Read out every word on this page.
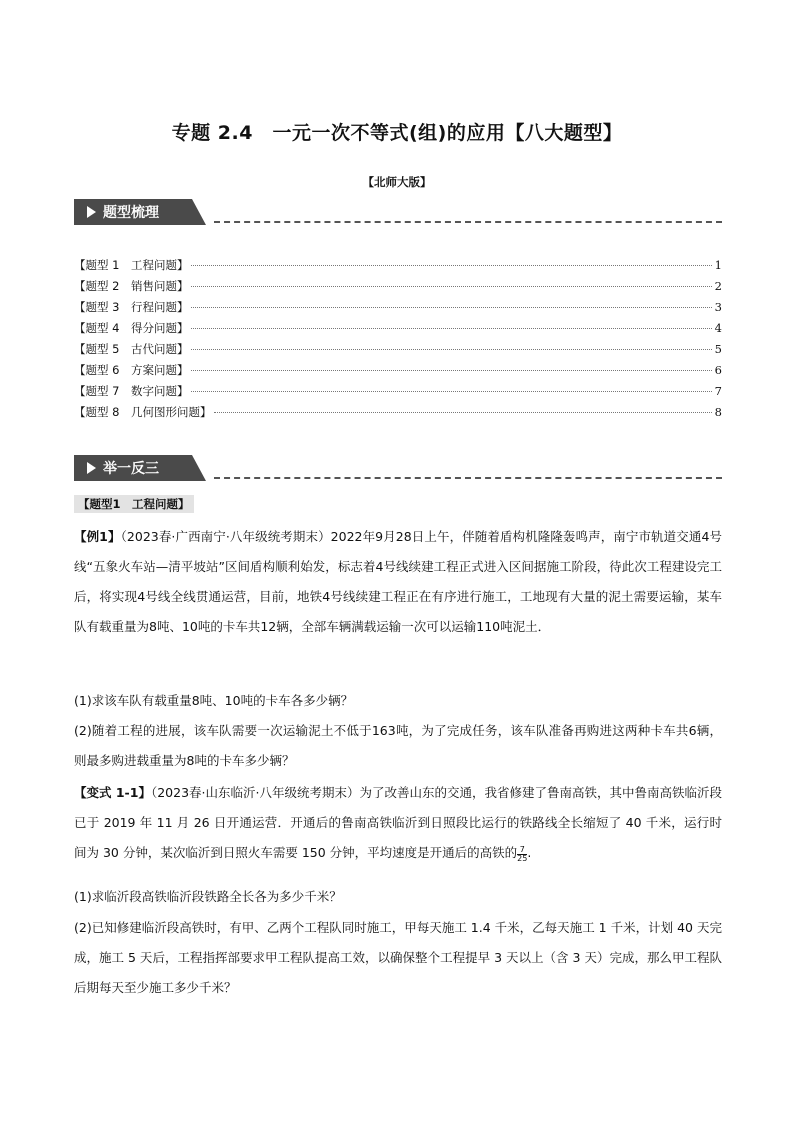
专题 2.4　一元一次不等式(组)的应用【八大题型】
【北师大版】
题型梳理
【题型 1　工程问题】	1
【题型 2　销售问题】	2
【题型 3　行程问题】	3
【题型 4　得分问题】	4
【题型 5　古代问题】	5
【题型 6　方案问题】	6
【题型 7　数字问题】	7
【题型 8　几何图形问题】	8
举一反三
【题型1　工程问题】
【例1】（2023春·广西南宁·八年级统考期末）2022年9月28日上午，伴随着盾构机隆隆轰鸣声，南宁市轨道交通4号线“五象火车站—清平坡站”区间盾构顺利始发，标志着4号线续建工程正式进入区间据施工阶段，待此次工程建设完工后，将实现4号线全线贯通运营，目前，地铁4号线续建工程正在有序进行施工，工地现有大量的泥土需要运输，某车队有载重量为8吨、10吨的卡车共12辆，全部车辆满载运输一次可以运输110吨泥土．
(1)求该车队有载重量8吨、10吨的卡车各多少辆？
(2)随着工程的进展，该车队需要一次运输泥土不低于163吨，为了完成任务，该车队准备再购进这两种卡车共6辆，则最多购进载重量为8吨的卡车多少辆？
【变式 1-1】（2023春·山东临沂·八年级统考期末）为了改善山东的交通，我省修建了鲁南高铁，其中鲁南高铁临沂段已于 2019 年 11 月 26 日开通运营．开通后的鲁南高铁临沂到日照段比运行的铁路线全长缩短了 40 千米，运行时间为 30 分钟，某次临沂到日照火车需要 150 分钟，平均速度是开通后的高铁的 $\frac{7}{25}$ .
(1)求临沂段高铁临沂段铁路全长各为多少千米？
(2)已知修建临沂段高铁时，有甲、乙两个工程队同时施工，甲每天施工 1.4 千米，乙每天施工 1 千米，计划 40 天完成，施工 5 天后，工程指挥部要求甲工程队提高工效，以确保整个工程提早 3 天以上（含 3 天）完成，那么甲工程队后期每天至少施工多少千米？
